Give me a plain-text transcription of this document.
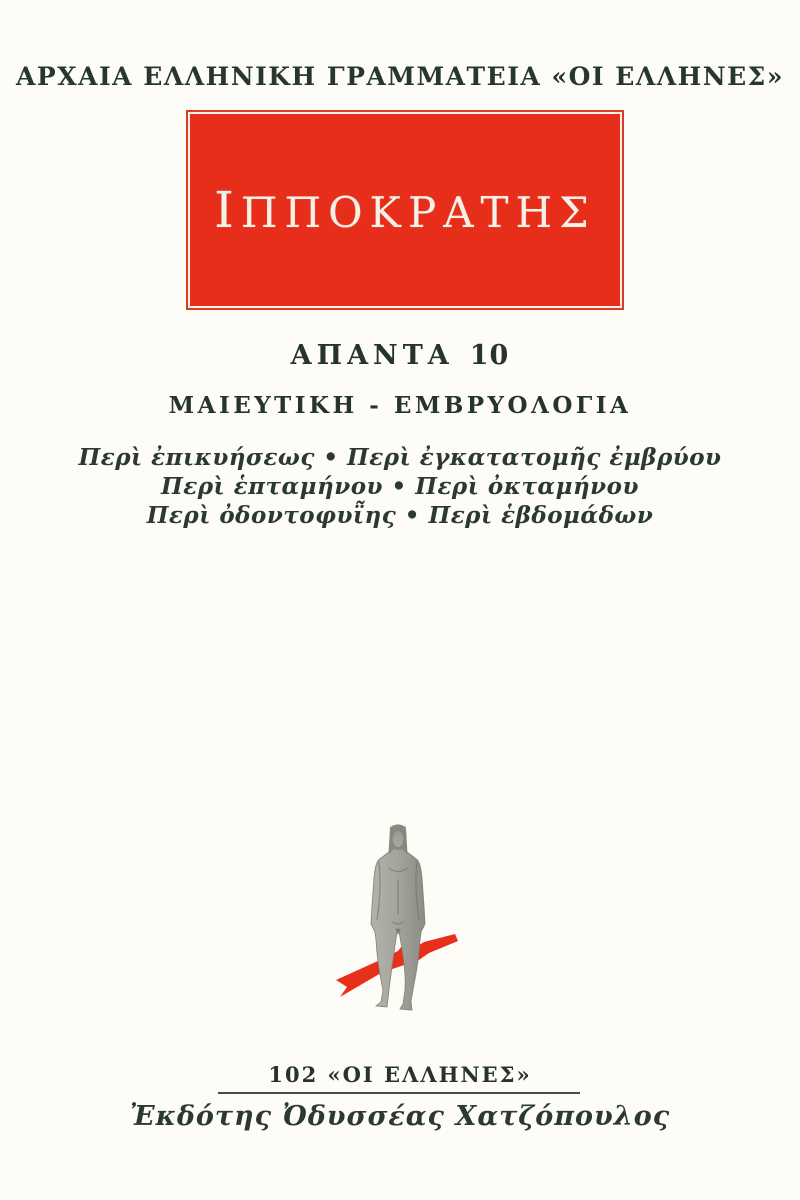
ΑΡΧΑΙΑ ΕΛΛΗΝΙΚΗ ΓΡΑΜΜΑΤΕΙΑ «ΟΙ ΕΛΛΗΝΕΣ»
ΙΠΠΟΚΡΑΤΗΣ
ΑΠΑΝΤΑ 10
ΜΑΙΕΥΤΙΚΗ - ΕΜΒΡΥΟΛΟΓΙΑ
Περὶ ἐπικυήσεως • Περὶ ἐγκατατομῆς ἐμβρύου
Περὶ ἑπταμήνου • Περὶ ὀκταμήνου
Περὶ ὀδοντοφυῗης • Περὶ ἑβδομάδων
102 «ΟΙ ΕΛΛΗΝΕΣ»
Ἐκδότης Ὀδυσσέας Χατζόπουλος
